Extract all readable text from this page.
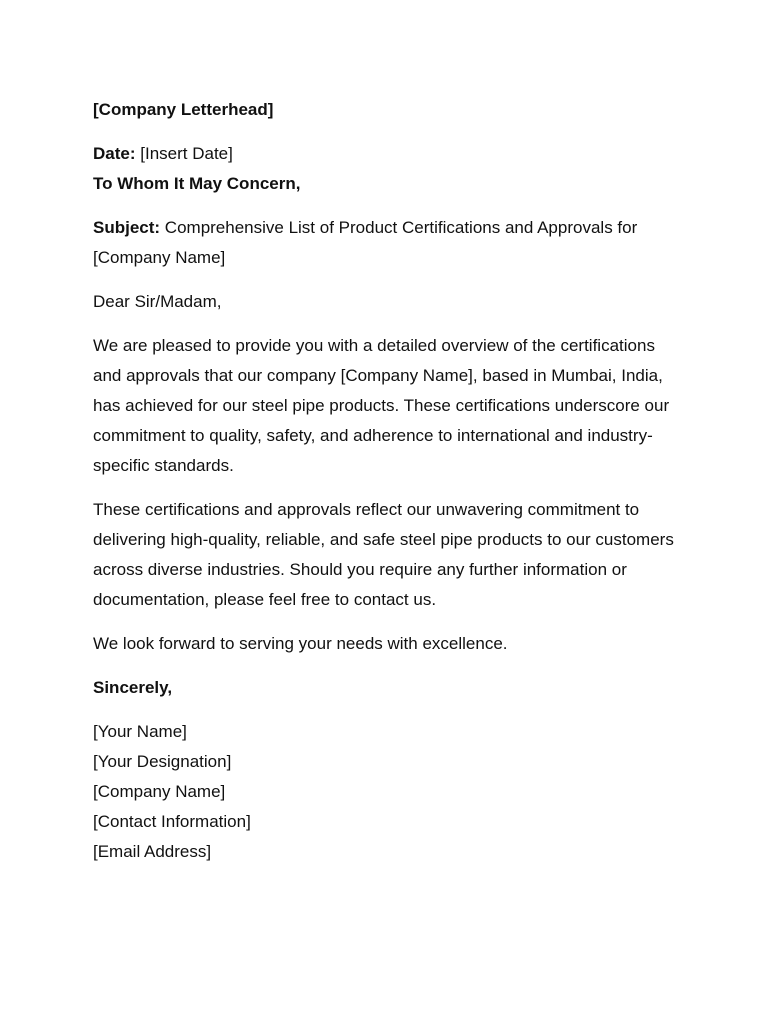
[Company Letterhead]

Date: [Insert Date]

To Whom It May Concern,

Subject: Comprehensive List of Product Certifications and Approvals for [Company Name]

Dear Sir/Madam,

We are pleased to provide you with a detailed overview of the certifications and approvals that our company [Company Name], based in Mumbai, India, has achieved for our steel pipe products. These certifications underscore our commitment to quality, safety, and adherence to international and industry-specific standards.

These certifications and approvals reflect our unwavering commitment to delivering high-quality, reliable, and safe steel pipe products to our customers across diverse industries. Should you require any further information or documentation, please feel free to contact us.

We look forward to serving your needs with excellence.

Sincerely,

[Your Name]
[Your Designation]
[Company Name]
[Contact Information]
[Email Address]
